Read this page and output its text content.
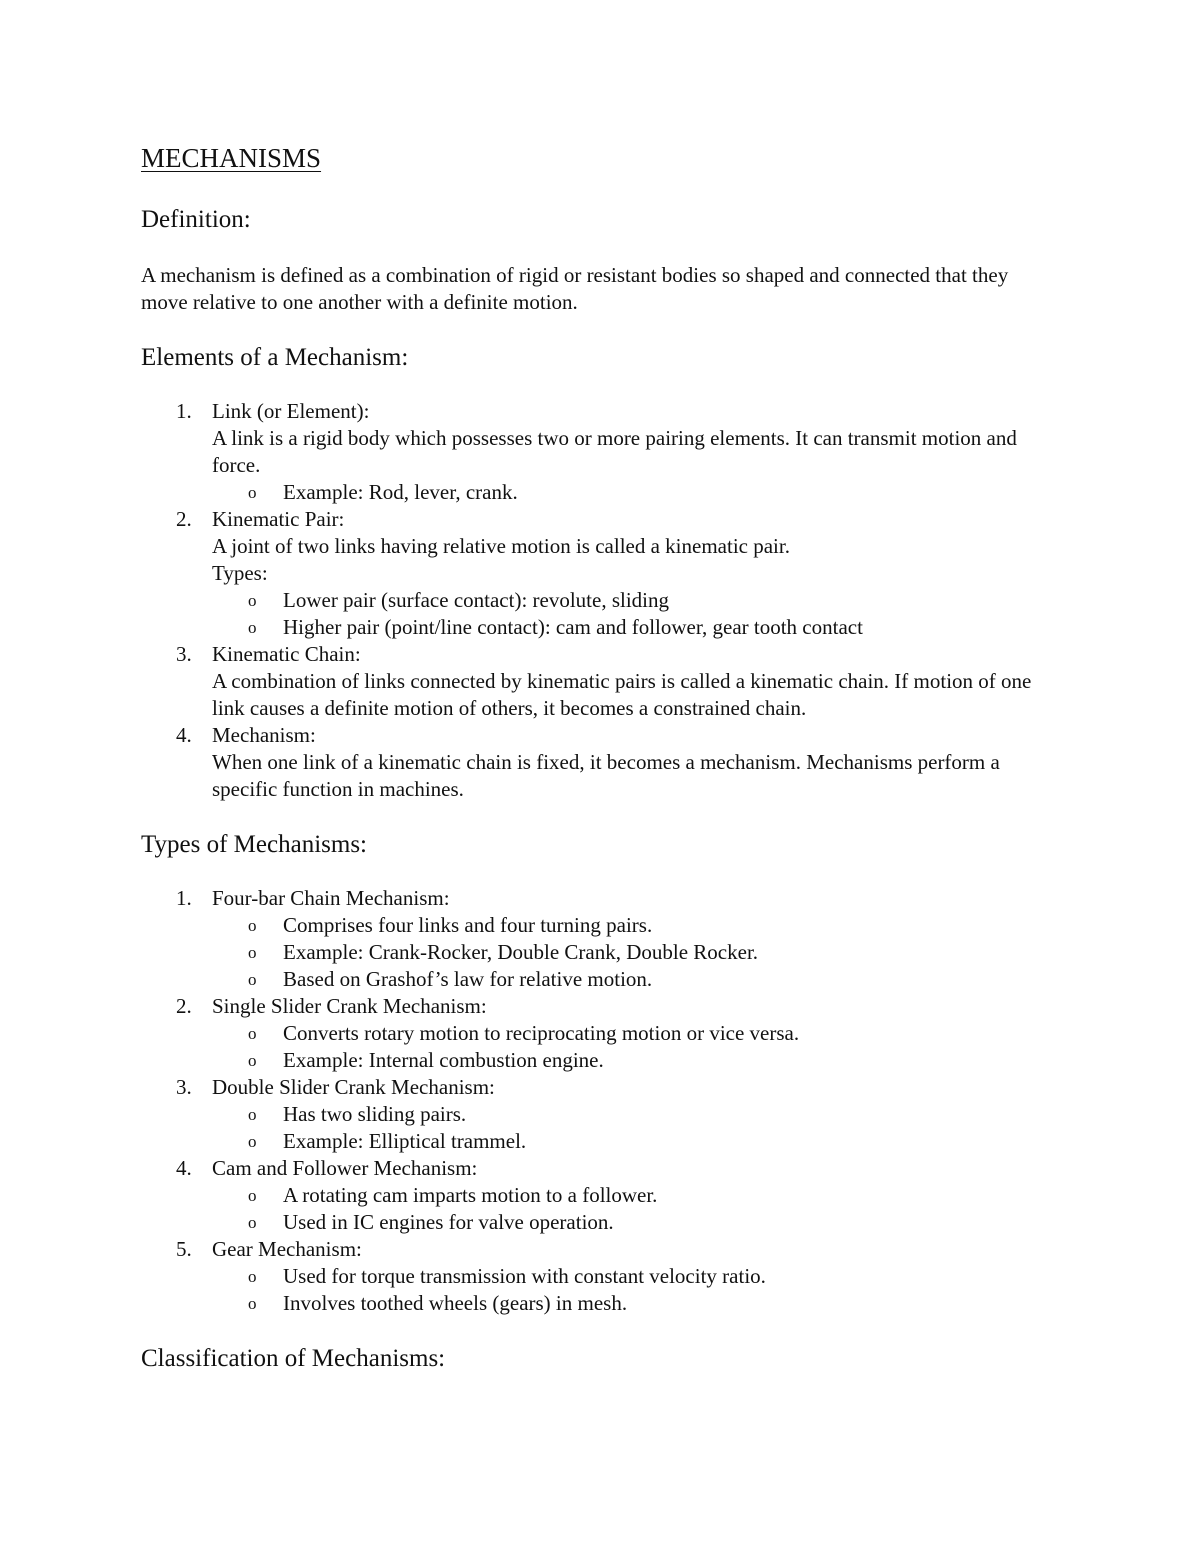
MECHANISMS
Definition:

A mechanism is defined as a combination of rigid or resistant bodies so shaped and connected that they move relative to one another with a definite motion.

Elements of a Mechanism:
1. Link (or Element):
A link is a rigid body which possesses two or more pairing elements. It can transmit motion and force.
o Example: Rod, lever, crank.
2. Kinematic Pair:
A joint of two links having relative motion is called a kinematic pair.
Types:
o Lower pair (surface contact): revolute, sliding
o Higher pair (point/line contact): cam and follower, gear tooth contact
3. Kinematic Chain:
A combination of links connected by kinematic pairs is called a kinematic chain. If motion of one link causes a definite motion of others, it becomes a constrained chain.
4. Mechanism:
When one link of a kinematic chain is fixed, it becomes a mechanism. Mechanisms perform a specific function in machines.
Types of Mechanisms:
1. Four-bar Chain Mechanism:
o Comprises four links and four turning pairs.
o Example: Crank-Rocker, Double Crank, Double Rocker.
o Based on Grashof’s law for relative motion.
2. Single Slider Crank Mechanism:
o Converts rotary motion to reciprocating motion or vice versa.
o Example: Internal combustion engine.
3. Double Slider Crank Mechanism:
o Has two sliding pairs.
o Example: Elliptical trammel.
4. Cam and Follower Mechanism:
o A rotating cam imparts motion to a follower.
o Used in IC engines for valve operation.
5. Gear Mechanism:
o Used for torque transmission with constant velocity ratio.
o Involves toothed wheels (gears) in mesh.
Classification of Mechanisms:
